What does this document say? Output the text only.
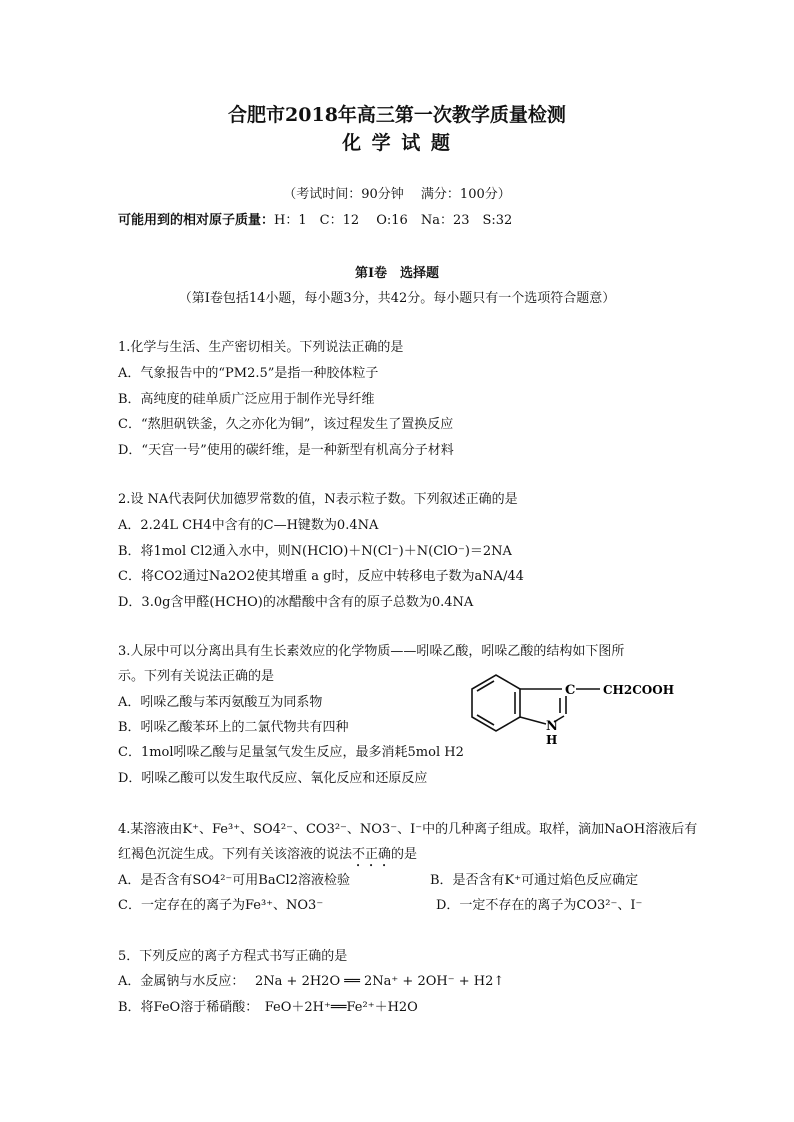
合肥市2018年高三第一次教学质量检测
化 学 试 题
（考试时间：90分钟　 满分：100分）
可能用到的相对原子质量：H：1　C：12　 O:16　Na：23　S:32
第Ⅰ卷　选择题
（第Ⅰ卷包括14小题，每小题3分，共42分。每小题只有一个选项符合题意）
1.化学与生活、生产密切相关。下列说法正确的是
A．气象报告中的“PM2.5”是指一种胶体粒子
B．高纯度的硅单质广泛应用于制作光导纤维
C．“熬胆矾铁釜，久之亦化为铜”，该过程发生了置换反应
D．“天宫一号”使用的碳纤维，是一种新型有机高分子材料
2.设 NA代表阿伏加德罗常数的值，N表示粒子数。下列叙述正确的是
A．2.24L CH4中含有的C—H键数为0.4NA
B．将1mol Cl2通入水中，则N(HClO)＋N(Cl⁻)＋N(ClO⁻)＝2NA
C．将CO2通过Na2O2使其增重 a g时，反应中转移电子数为aNA/44
D．3.0g含甲醛(HCHO)的冰醋酸中含有的原子总数为0.4NA
3.人尿中可以分离出具有生长素效应的化学物质——吲哚乙酸，吲哚乙酸的结构如下图所
示。下列有关说法正确的是
A．吲哚乙酸与苯丙氨酸互为同系物
B．吲哚乙酸苯环上的二氯代物共有四种
C．1mol吲哚乙酸与足量氢气发生反应，最多消耗5mol H2
D．吲哚乙酸可以发生取代反应、氧化反应和还原反应
C CH2COOH
N
H
4.某溶液由K⁺、Fe³⁺、SO4²⁻、CO3²⁻、NO3⁻、I⁻中的几种离子组成。取样，滴加NaOH溶液后有
红褐色沉淀生成。下列有关该溶液的说法不正确的是
A．是否含有SO4²⁻可用BaCl2溶液检验	B．是否含有K⁺可通过焰色反应确定
C．一定存在的离子为Fe³⁺、NO3⁻	D．一定不存在的离子为CO3²⁻、I⁻
5．下列反应的离子方程式书写正确的是
A．金属钠与水反应：　 2Na + 2H2O ══ 2Na⁺ + 2OH⁻ + H2↑
B．将FeO溶于稀硝酸：　FeO＋2H⁺══Fe²⁺＋H2O
